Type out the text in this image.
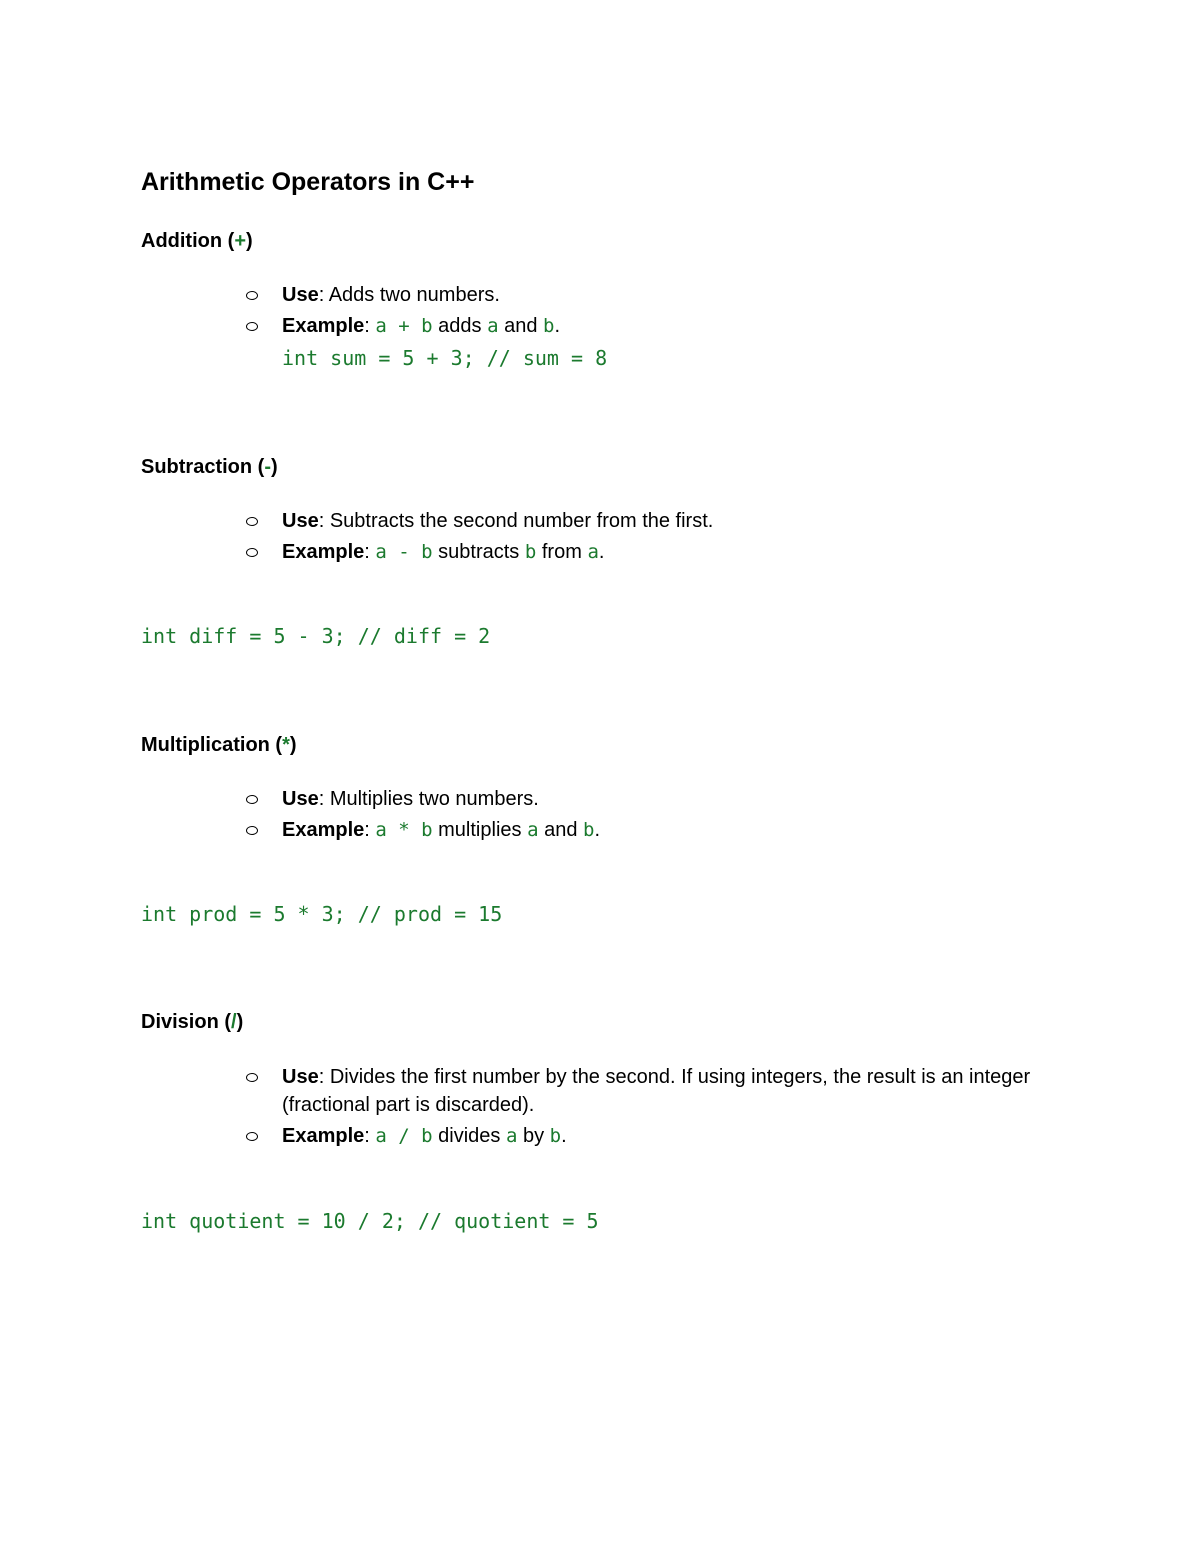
Arithmetic Operators in C++
Addition (+)
Use: Adds two numbers.
Example: a + b adds a and b.
int sum = 5 + 3; // sum = 8
Subtraction (-)
Use: Subtracts the second number from the first.
Example: a - b subtracts b from a.
int diff = 5 - 3; // diff = 2
Multiplication (*)
Use: Multiplies two numbers.
Example: a * b multiplies a and b.
int prod = 5 * 3; // prod = 15
Division (/)
Use: Divides the first number by the second. If using integers, the result is an integer (fractional part is discarded).
Example: a / b divides a by b.
int quotient = 10 / 2; // quotient = 5
